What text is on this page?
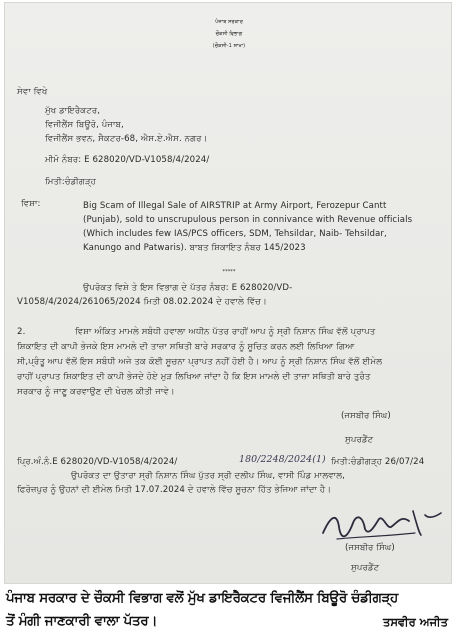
ਪੰਜਾਬ ਸਰਕਾਰ
ਚੌਕਸੀ ਵਿਭਾਗ
(ਚੌਕਸੀ-1 ਸ਼ਾਖਾ)
ਸੇਵਾ ਵਿਖੇ
ਮੁੱਖ ਡਾਇਰੈਕਟਰ,
ਵਿਜੀਲੈਂਸ ਬਿਊਰੋ, ਪੰਜਾਬ,
ਵਿਜੀਲੈਂਸ ਭਵਨ, ਸੈਕਟਰ-68, ਐਸ.ਏ.ਐਸ. ਨਗਰ।
ਮੀਮੋ ਨੰਬਰ: E 628020/VD-V1058/4/2024/
ਮਿਤੀ:ਚੰਡੀਗੜ੍ਹ
ਵਿਸ਼ਾ:	Big Scam of Illegal Sale of AIRSTRIP at Army Airport, Ferozepur Cantt
(Punjab), sold to unscrupulous person in connivance with Revenue officials
(Which includes few IAS/PCS officers, SDM, Tehsildar, Naib- Tehsildar,
Kanungo and Patwaris). ਬਾਬਤ ਸ਼ਿਕਾਇਤ ਨੰਬਰ 145/2023
*****
ਉਪਰੋਕਤ ਵਿਸ਼ੇ ਤੇ ਇਸ ਵਿਭਾਗ ਦੇ ਪੱਤਰ ਨੰਬਰ: E 628020/VD-
V1058/4/2024/261065/2024 ਮਿਤੀ 08.02.2024 ਦੇ ਹਵਾਲੇ ਵਿੱਚ।
2.	ਵਿਸ਼ਾ ਅੰਕਿਤ ਮਾਮਲੇ ਸਬੰਧੀ ਹਵਾਲਾ ਅਧੀਨ ਪੱਤਰ ਰਾਹੀਂ ਆਪ ਨੂੰ ਸ੍ਰੀ ਨਿਸ਼ਾਨ ਸਿੰਘ ਵੱਲੋਂ ਪ੍ਰਾਪਤ
ਸ਼ਿਕਾਇਤ ਦੀ ਕਾਪੀ ਭੇਜਕੇ ਇਸ ਮਾਮਲੇ ਦੀ ਤਾਜ਼ਾ ਸਥਿਤੀ ਬਾਰੇ ਸਰਕਾਰ ਨੂੰ ਸੂਚਿਤ ਕਰਨ ਲਈ ਲਿਖਿਆ ਗਿਆ
ਸੀ,ਪ੍ਰੰਤੂ ਆਪ ਵੱਲੋਂ ਇਸ ਸਬੰਧੀ ਅਜੇ ਤਕ ਕੋਈ ਸੂਚਨਾ ਪ੍ਰਾਪਤ ਨਹੀਂ ਹੋਈ ਹੈ। ਆਪ ਨੂੰ ਸ੍ਰੀ ਨਿਸ਼ਾਨ ਸਿੰਘ ਵੱਲੋਂ ਈਮੇਲ
ਰਾਹੀਂ ਪ੍ਰਾਪਤ ਸ਼ਿਕਾਇਤ ਦੀ ਕਾਪੀ ਭੇਜਦੇ ਹੋਏ ਮੁੜ ਲਿਖਿਆ ਜਾਂਦਾ ਹੈ ਕਿ ਇਸ ਮਾਮਲੇ ਦੀ ਤਾਜ਼ਾ ਸਥਿਤੀ ਬਾਰੇ ਤੁਰੰਤ
ਸਰਕਾਰ ਨੂੰ ਜਾਣੂ ਕਰਵਾਉਣ ਦੀ ਖੇਚਲ ਕੀਤੀ ਜਾਵੇ।
(ਜਸਬੀਰ ਸਿੰਘ)
ਸੁਪਰਡੈਂਟ
ਪ੍ਰਿ.ਅੰ.ਨੰ.E 628020/VD-V1058/4/2024/	180/2248/2024(1) ਮਿਤੀ:ਚੰਡੀਗੜ੍ਹ 26/07/24
ਉਪਰੋਕਤ ਦਾ ਉਤਾਰਾ ਸ੍ਰੀ ਨਿਸ਼ਾਨ ਸਿੰਘ ਪੁੱਤਰ ਸ੍ਰੀ ਦਲੀਪ ਸਿੰਘ, ਵਾਸੀ ਪਿੰਡ ਮਾਲਵਾਲ,
ਫਿਰੋਜ਼ਪੁਰ ਨੂੰ ਉਹਨਾਂ ਦੀ ਈਮੇਲ ਮਿਤੀ 17.07.2024 ਦੇ ਹਵਾਲੇ ਵਿੱਚ ਸੂਚਨਾ ਹਿੱਤ ਭੇਜਿਆ ਜਾਂਦਾ ਹੈ।
(ਜਸਬੀਰ ਸਿੰਘ)
ਸੁਪਰਡੈਂਟ
ਪੰਜਾਬ ਸਰਕਾਰ ਦੇ ਚੌਕਸੀ ਵਿਭਾਗ ਵਲੋਂ ਮੁੱਖ ਡਾਇਰੈਕਟਰ ਵਿਜੀਲੈਂਸ ਬਿਊਰੋ ਚੰਡੀਗੜ੍ਹ
ਤੋਂ ਮੰਗੀ ਜਾਣਕਾਰੀ ਵਾਲਾ ਪੱਤਰ।	ਤਸਵੀਰ ਅਜੀਤ
